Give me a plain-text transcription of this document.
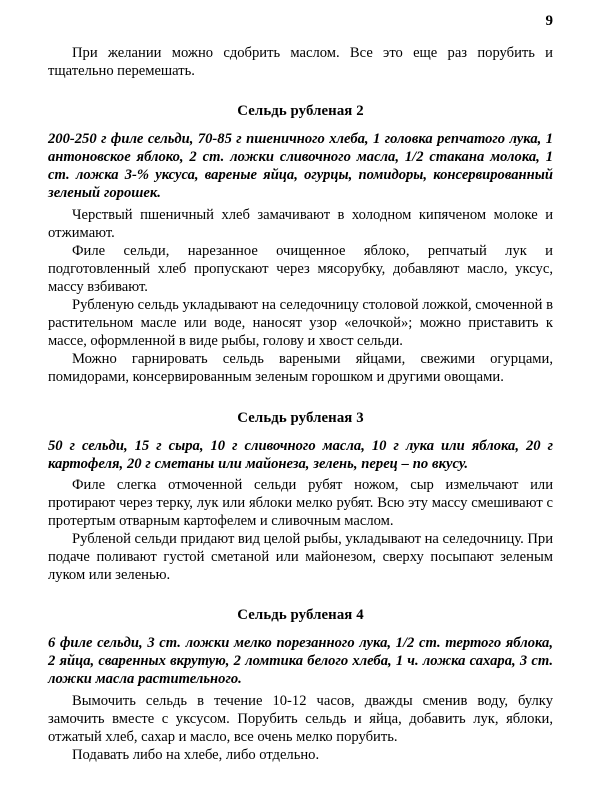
9

При желании можно сдобрить маслом. Все это еще раз порубить и тщательно перемешать.

Сельдь рубленая 2

200-250 г филе сельди, 70-85 г пшеничного хлеба, 1 головка репчатого лука, 1 антоновское яблоко, 2 ст. ложки сливочного масла, 1/2 стакана молока, 1 ст. ложка 3-% уксуса, вареные яйца, огурцы, помидоры, консервированный зеленый горошек.

Черствый пшеничный хлеб замачивают в холодном кипяченом молоке и отжимают.

Филе сельди, нарезанное очищенное яблоко, репчатый лук и подготовленный хлеб пропускают через мясорубку, добавляют масло, уксус, массу взбивают.

Рубленую сельдь укладывают на селедочницу столовой ложкой, смоченной в растительном масле или воде, наносят узор «елочкой»; можно приставить к массе, оформленной в виде рыбы, голову и хвост сельди.

Можно гарнировать сельдь вареными яйцами, свежими огурцами, помидорами, консервированным зеленым горошком и другими овощами.

Сельдь рубленая 3

50 г сельди, 15 г сыра, 10 г сливочного масла, 10 г лука или яблока, 20 г картофеля, 20 г сметаны или майонеза, зелень, перец – по вкусу.

Филе слегка отмоченной сельди рубят ножом, сыр измельчают или протирают через терку, лук или яблоки мелко рубят. Всю эту массу смешивают с протертым отварным картофелем и сливочным маслом.

Рубленой сельди придают вид целой рыбы, укладывают на селедочницу. При подаче поливают густой сметаной или майонезом, сверху посыпают зеленым луком или зеленью.

Сельдь рубленая 4

6 филе сельди, 3 ст. ложки мелко порезанного лука, 1/2 ст. тертого яблока, 2 яйца, сваренных вкрутую, 2 ломтика белого хлеба, 1 ч. ложка сахара, 3 ст. ложки масла растительного.

Вымочить сельдь в течение 10-12 часов, дважды сменив воду, булку замочить вместе с уксусом. Порубить сельдь и яйца, добавить лук, яблоки, отжатый хлеб, сахар и масло, все очень мелко порубить.

Подавать либо на хлебе, либо отдельно.
